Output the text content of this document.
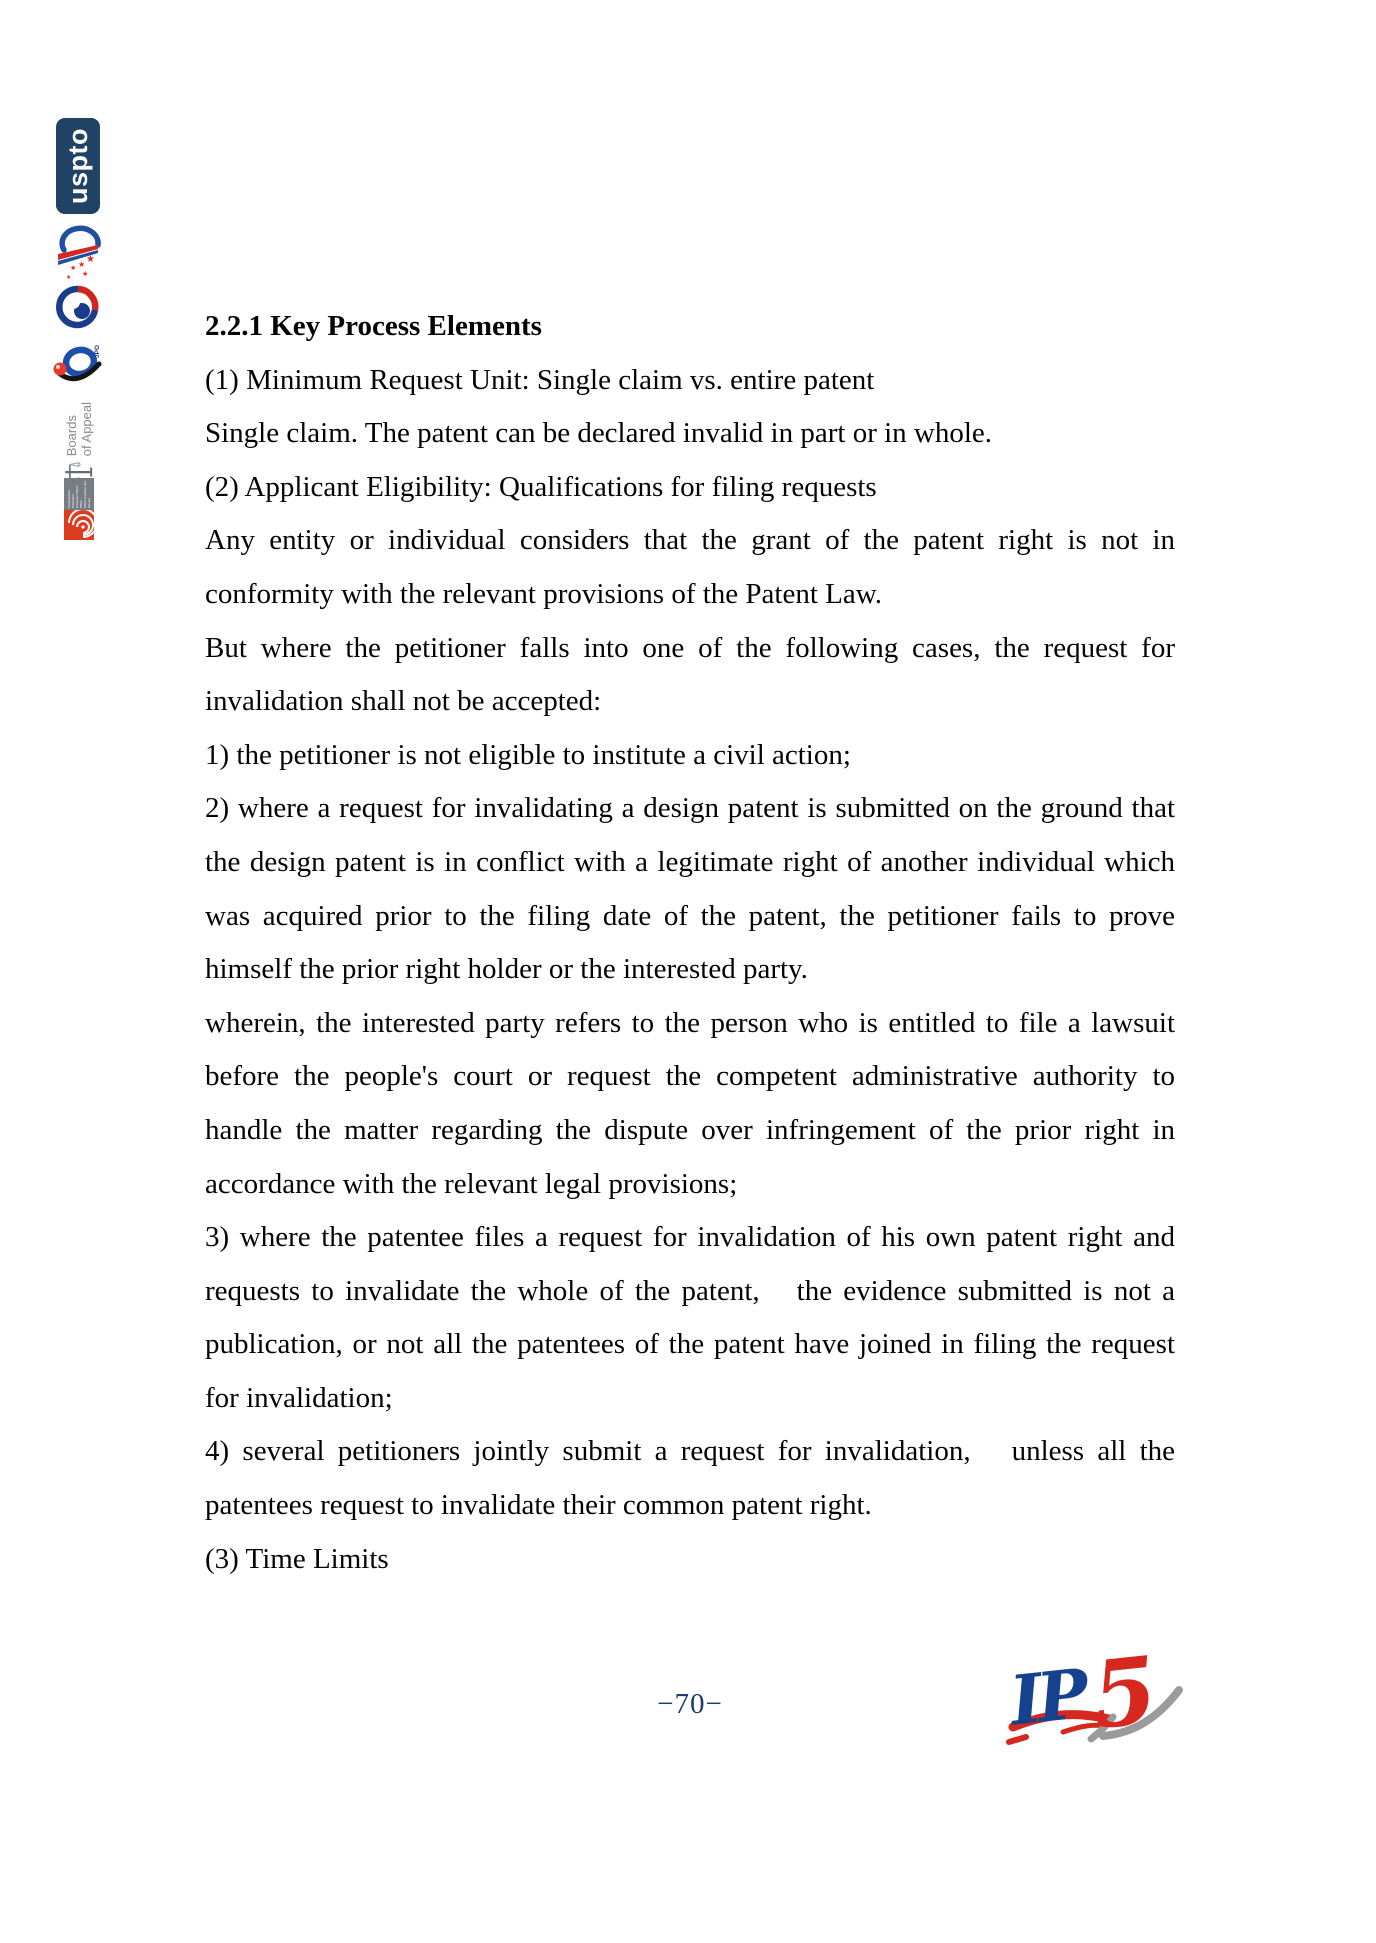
uspto
★
★
★
★
★
JPO
Boards of Appeal
Europäisches Patentamt European Patent Office Office européen des brevets
2.2.1 Key Process Elements

(1) Minimum Request Unit: Single claim vs. entire patent

Single claim. The patent can be declared invalid in part or in whole.

(2) Applicant Eligibility: Qualifications for filing requests

Any entity or individual considers that the grant of the patent right is not in conformity with the relevant provisions of the Patent Law.

But where the petitioner falls into one of the following cases, the request for invalidation shall not be accepted:

1) the petitioner is not eligible to institute a civil action;

2) where a request for invalidating a design patent is submitted on the ground that the design patent is in conflict with a legitimate right of another individual which was acquired prior to the filing date of the patent, the petitioner fails to prove himself the prior right holder or the interested party.

wherein, the interested party refers to the person who is entitled to file a lawsuit before the people's court or request the competent administrative authority to handle the matter regarding the dispute over infringement of the prior right in accordance with the relevant legal provisions;

3) where the patentee files a request for invalidation of his own patent right and requests to invalidate the whole of the patent,　the evidence submitted is not a publication, or not all the patentees of the patent have joined in filing the request for invalidation;

4) several petitioners jointly submit a request for invalidation,　unless all the patentees request to invalidate their common patent right.

(3) Time Limits

−70−	IP 5
